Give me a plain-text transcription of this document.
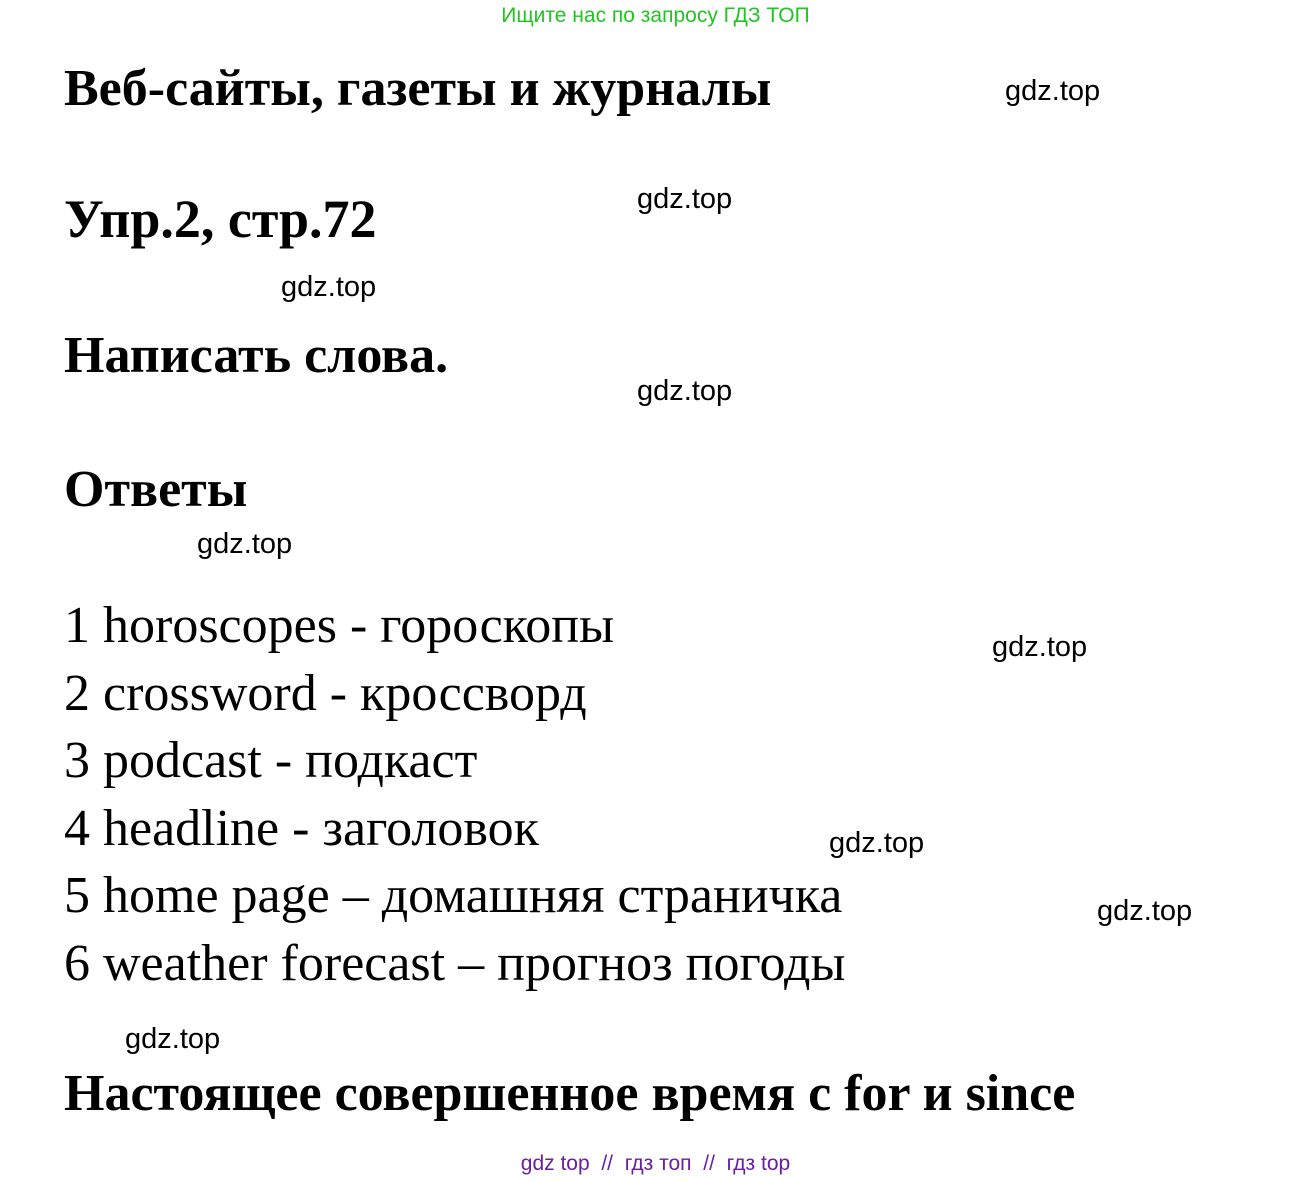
Ищите нас по запросу ГДЗ ТОП
Веб-сайты, газеты и журналы
Упр.2, стр.72
Написать слова.
Ответы
1 horoscopes - гороскопы
2 crossword - кроссворд
3 podcast - подкаст
4 headline - заголовок
5 home page – домашняя страничка
6 weather forecast – прогноз погоды
Настоящее совершенное время с for и since
gdz.top
gdz.top
gdz.top
gdz.top
gdz.top
gdz.top
gdz.top
gdz.top
gdz.top
gdz top // гдз топ // гдз top
